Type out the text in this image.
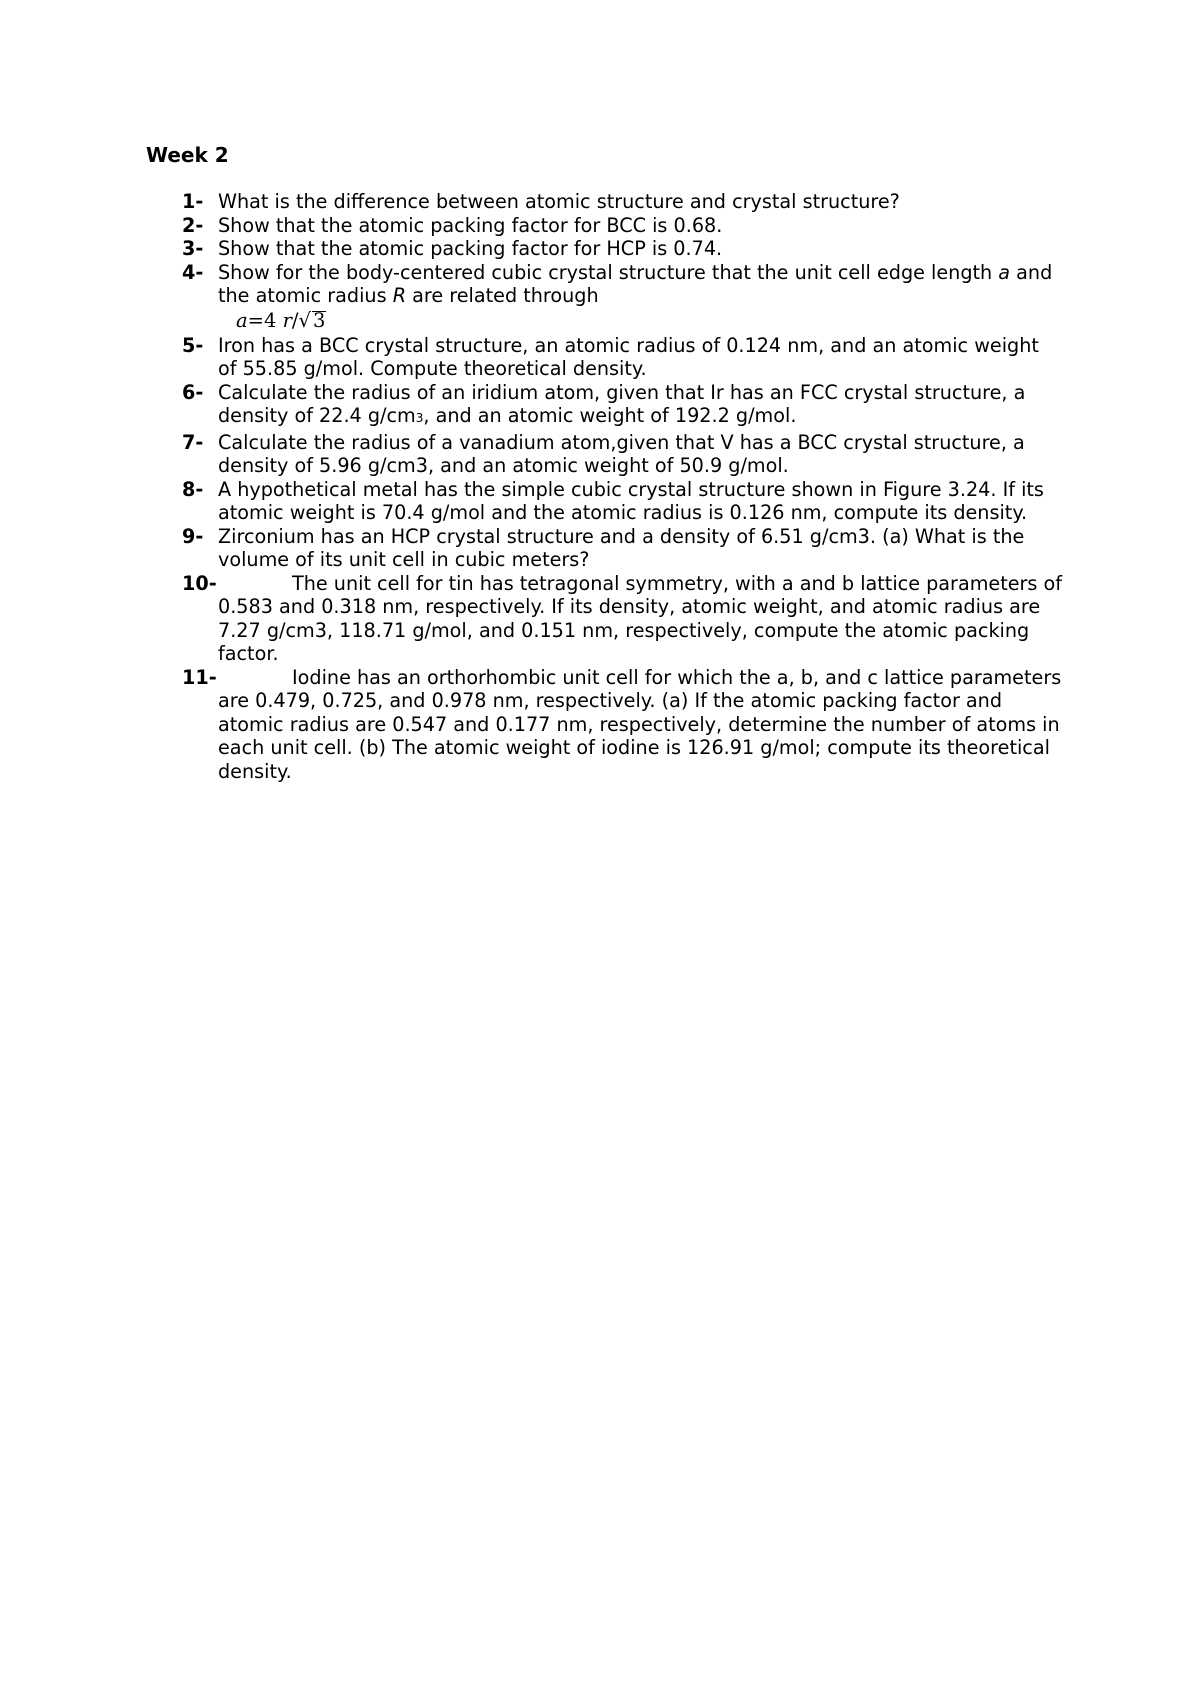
Week 2
1- What is the difference between atomic structure and crystal structure?
2- Show that the atomic packing factor for BCC is 0.68.
3- Show that the atomic packing factor for HCP is 0.74.
4- Show for the body-centered cubic crystal structure that the unit cell edge length a and the atomic radius R are related through
a=4 r/√ 3
5- Iron has a BCC crystal structure, an atomic radius of 0.124 nm, and an atomic weight of 55.85 g/mol. Compute theoretical density.
6- Calculate the radius of an iridium atom, given that Ir has an FCC crystal structure, a density of 22.4 g/cm3, and an atomic weight of 192.2 g/mol.
7- Calculate the radius of a vanadium atom,given that V has a BCC crystal structure, a density of 5.96 g/cm3, and an atomic weight of 50.9 g/mol.
8- A hypothetical metal has the simple cubic crystal structure shown in Figure 3.24. If its atomic weight is 70.4 g/mol and the atomic radius is 0.126 nm, compute its density.
9- Zirconium has an HCP crystal structure and a density of 6.51 g/cm3. (a) What is the volume of its unit cell in cubic meters?
10-	The unit cell for tin has tetragonal symmetry, with a and b lattice parameters of 0.583 and 0.318 nm, respectively. If its density, atomic weight, and atomic radius are 7.27 g/cm3, 118.71 g/mol, and 0.151 nm, respectively, compute the atomic packing factor.
11-	Iodine has an orthorhombic unit cell for which the a, b, and c lattice parameters are 0.479, 0.725, and 0.978 nm, respectively. (a) If the atomic packing factor and atomic radius are 0.547 and 0.177 nm, respectively, determine the number of atoms in each unit cell. (b) The atomic weight of iodine is 126.91 g/mol; compute its theoretical density.
